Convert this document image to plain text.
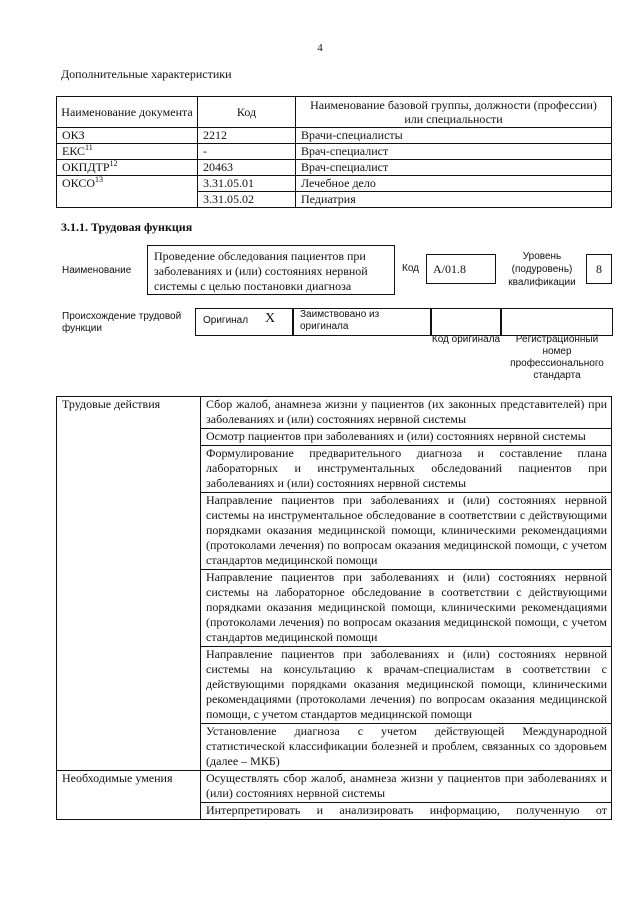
4
Дополнительные характеристики
Наименование документа	Код	Наименование базовой группы, должности (профессии) или специальности
ОКЗ	2212	Врачи-специалисты
ЕКС$^{11}$	-	Врач-специалист
ОКПДТР$^{12}$	20463	Врач-специалист
ОКСО$^{13}$	3.31.05.01	Лечебное дело
	3.31.05.02	Педиатрия
3.1.1. Трудовая функция
Наименование
Проведение обследования пациентов при заболеваниях и (или) состояниях нервной системы с целью постановки диагноза
Код	А/01.8
Уровень (подуровень) квалификации
8
Происхождение трудовой функции
Оригинал Х Заимствовано из оригинала
Код оригинала	Регистрационный номер профессионального стандарта
Трудовые действия	Сбор жалоб, анамнеза жизни у пациентов (их законных представителей) при заболеваниях и (или) состояниях нервной системы
	Осмотр пациентов при заболеваниях и (или) состояниях нервной системы
	Формулирование предварительного диагноза и составление плана лабораторных и инструментальных обследований пациентов при заболеваниях и (или) состояниях нервной системы
	Направление пациентов при заболеваниях и (или) состояниях нервной системы на инструментальное обследование в соответствии с действующими порядками оказания медицинской помощи, клиническими рекомендациями (протоколами лечения) по вопросам оказания медицинской помощи, с учетом стандартов медицинской помощи
	Направление пациентов при заболеваниях и (или) состояниях нервной системы на лабораторное обследование в соответствии с действующими порядками оказания медицинской помощи, клиническими рекомендациями (протоколами лечения) по вопросам оказания медицинской помощи, с учетом стандартов медицинской помощи
	Направление пациентов при заболеваниях и (или) состояниях нервной системы на консультацию к врачам-специалистам в соответствии с действующими порядками оказания медицинской помощи, клиническими рекомендациями (протоколами лечения) по вопросам оказания медицинской помощи, с учетом стандартов медицинской помощи
	Установление диагноза с учетом действующей Международной статистической классификации болезней и проблем, связанных со здоровьем (далее – МКБ)
Необходимые умения	Осуществлять сбор жалоб, анамнеза жизни у пациентов при заболеваниях и (или) состояниях нервной системы
	Интерпретировать и анализировать информацию, полученную от
